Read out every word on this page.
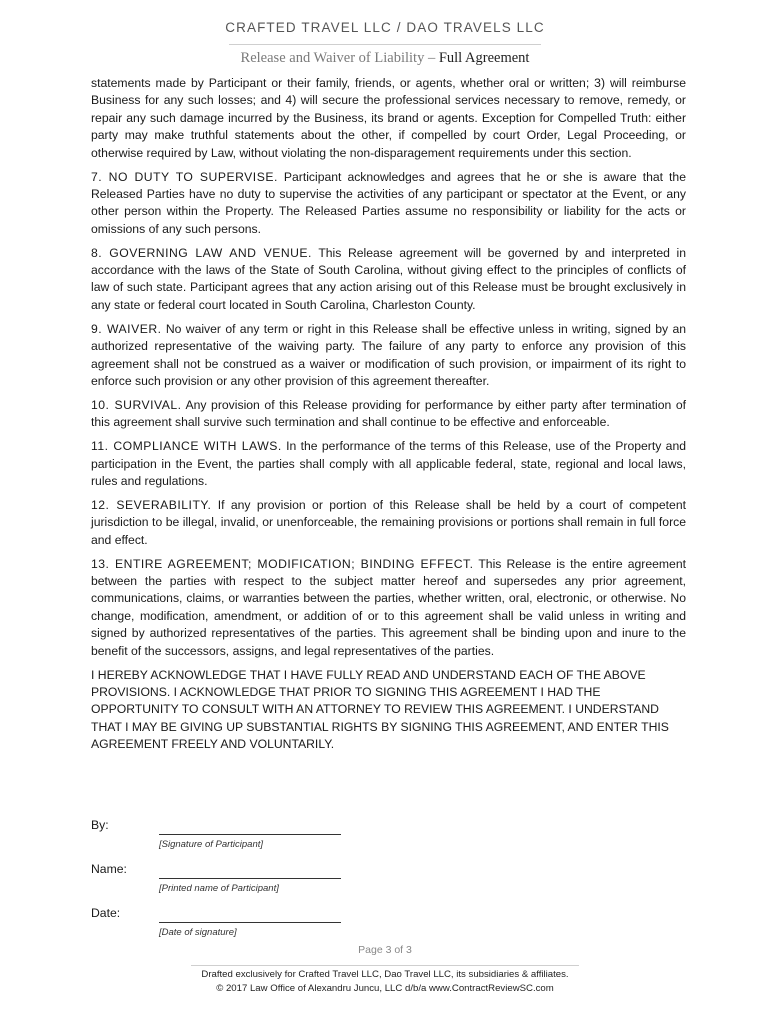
CRAFTED TRAVEL LLC / DAO TRAVELS LLC
Release and Waiver of Liability – Full Agreement

statements made by Participant or their family, friends, or agents, whether oral or written; 3) will reimburse Business for any such losses; and 4) will secure the professional services necessary to remove, remedy, or repair any such damage incurred by the Business, its brand or agents. Exception for Compelled Truth: either party may make truthful statements about the other, if compelled by court Order, Legal Proceeding, or otherwise required by Law, without violating the non-disparagement requirements under this section.

7. NO DUTY TO SUPERVISE. Participant acknowledges and agrees that he or she is aware that the Released Parties have no duty to supervise the activities of any participant or spectator at the Event, or any other person within the Property. The Released Parties assume no responsibility or liability for the acts or omissions of any such persons.

8. GOVERNING LAW AND VENUE. This Release agreement will be governed by and interpreted in accordance with the laws of the State of South Carolina, without giving effect to the principles of conflicts of law of such state. Participant agrees that any action arising out of this Release must be brought exclusively in any state or federal court located in South Carolina, Charleston County.

9. WAIVER. No waiver of any term or right in this Release shall be effective unless in writing, signed by an authorized representative of the waiving party. The failure of any party to enforce any provision of this agreement shall not be construed as a waiver or modification of such provision, or impairment of its right to enforce such provision or any other provision of this agreement thereafter.

10. SURVIVAL. Any provision of this Release providing for performance by either party after termination of this agreement shall survive such termination and shall continue to be effective and enforceable.

11. COMPLIANCE WITH LAWS. In the performance of the terms of this Release, use of the Property and participation in the Event, the parties shall comply with all applicable federal, state, regional and local laws, rules and regulations.

12. SEVERABILITY. If any provision or portion of this Release shall be held by a court of competent jurisdiction to be illegal, invalid, or unenforceable, the remaining provisions or portions shall remain in full force and effect.

13. ENTIRE AGREEMENT; MODIFICATION; BINDING EFFECT. This Release is the entire agreement between the parties with respect to the subject matter hereof and supersedes any prior agreement, communications, claims, or warranties between the parties, whether written, oral, electronic, or otherwise. No change, modification, amendment, or addition of or to this agreement shall be valid unless in writing and signed by authorized representatives of the parties. This agreement shall be binding upon and inure to the benefit of the successors, assigns, and legal representatives of the parties.

I HEREBY ACKNOWLEDGE THAT I HAVE FULLY READ AND UNDERSTAND EACH OF THE ABOVE PROVISIONS. I ACKNOWLEDGE THAT PRIOR TO SIGNING THIS AGREEMENT I HAD THE OPPORTUNITY TO CONSULT WITH AN ATTORNEY TO REVIEW THIS AGREEMENT. I UNDERSTAND THAT I MAY BE GIVING UP SUBSTANTIAL RIGHTS BY SIGNING THIS AGREEMENT, AND ENTER THIS AGREEMENT FREELY AND VOLUNTARILY.

By:
[Signature of Participant]
Name:
[Printed name of Participant]
Date:
[Date of signature]
Page 3 of 3
Drafted exclusively for Crafted Travel LLC, Dao Travel LLC, its subsidiaries & affiliates.
© 2017 Law Office of Alexandru Juncu, LLC d/b/a www.ContractReviewSC.com
